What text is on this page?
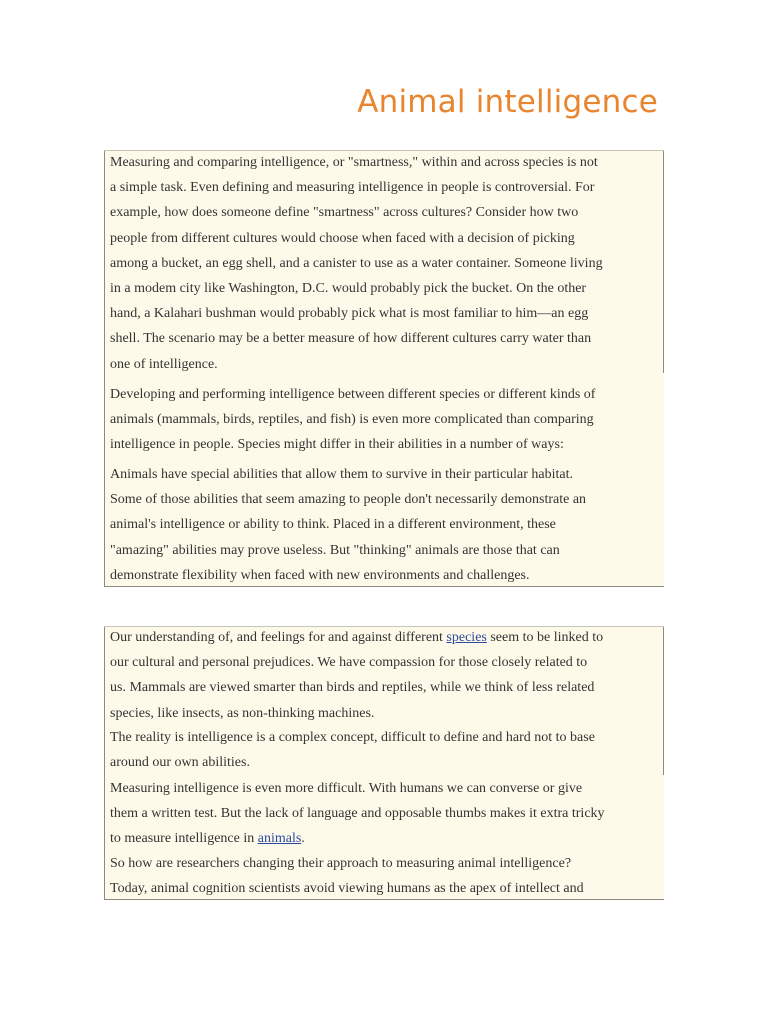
Animal intelligence

Measuring and comparing intelligence, or "smartness," within and across species is not

a simple task. Even defining and measuring intelligence in people is controversial. For

example, how does someone define "smartness" across cultures? Consider how two

people from different cultures would choose when faced with a decision of picking

among a bucket, an egg shell, and a canister to use as a water container. Someone living

in a modem city like Washington, D.C. would probably pick the bucket. On the other

hand, a Kalahari bushman would probably pick what is most familiar to him—an egg

shell. The scenario may be a better measure of how different cultures carry water than

one of intelligence.

Developing and performing intelligence between different species or different kinds of

animals (mammals, birds, reptiles, and fish) is even more complicated than comparing

intelligence in people. Species might differ in their abilities in a number of ways:

Animals have special abilities that allow them to survive in their particular habitat.

Some of those abilities that seem amazing to people don't necessarily demonstrate an

animal's intelligence or ability to think. Placed in a different environment, these

"amazing" abilities may prove useless. But "thinking" animals are those that can

demonstrate flexibility when faced with new environments and challenges.

Our understanding of, and feelings for and against different species seem to be linked to

our cultural and personal prejudices. We have compassion for those closely related to

us. Mammals are viewed smarter than birds and reptiles, while we think of less related

species, like insects, as non-thinking machines.

The reality is intelligence is a complex concept, difficult to define and hard not to base

around our own abilities.

Measuring intelligence is even more difficult. With humans we can converse or give

them a written test. But the lack of language and opposable thumbs makes it extra tricky

to measure intelligence in animals.

So how are researchers changing their approach to measuring animal intelligence?

Today, animal cognition scientists avoid viewing humans as the apex of intellect and
